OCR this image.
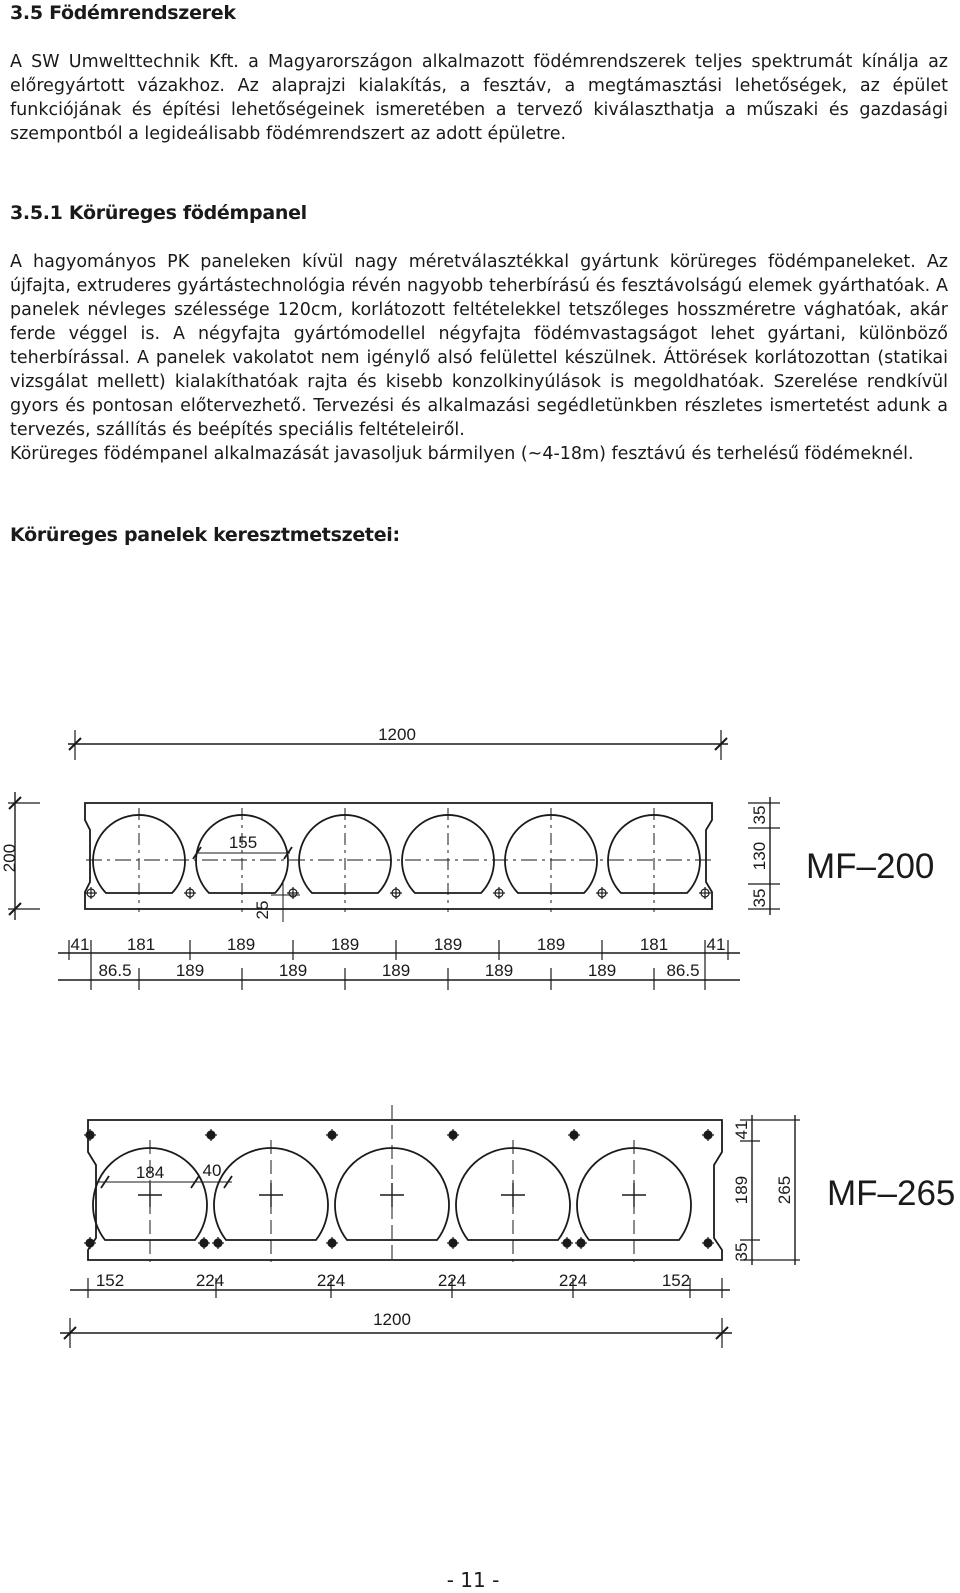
3.5 Födémrendszerek

A SW Umwelttechnik Kft. a Magyarországon alkalmazott födémrendszerek teljes spektrumát kínálja az előregyártott vázakhoz. Az alaprajzi kialakítás, a fesztáv, a megtámasztási lehetőségek, az épület funkciójának és építési lehetőségeinek ismeretében a tervező kiválaszthatja a műszaki és gazdasági szempontból a legideálisabb födémrendszert az adott épületre.

3.5.1 Körüreges födémpanel
A hagyományos PK paneleken kívül nagy méretválasztékkal gyártunk körüreges födémpaneleket. Az újfajta, extruderes gyártástechnológia révén nagyobb teherbírású és fesztávolságú elemek gyárthatóak. A panelek névleges szélessége 120cm, korlátozott feltételekkel tetszőleges hosszméretre vághatóak, akár ferde véggel is. A négyfajta gyártómodellel négyfajta födémvastagságot lehet gyártani, különböző teherbírással. A panelek vakolatot nem igénylő alsó felülettel készülnek. Áttörések korlátozottan (statikai vizsgálat mellett) kialakíthatóak rajta és kisebb konzolkinyúlások is megoldhatóak. Szerelése rendkívül gyors és pontosan előtervezhető. Tervezési és alkalmazási segédletünkben részletes ismertetést adunk a tervezés, szállítás és beépítés speciális feltételeiről.
Körüreges födémpanel alkalmazását javasoljuk bármilyen (~4-18m) fesztávú és terhelésű födémeknél.
Körüreges panelek keresztmetszetei:
1200
200
155
25
35
130
35
MF–200
41 181	189	189	189	189	181 41
86.5	189	189	189	189	189	86.5
184 40
41
189
35
265 MF–265
152	224	224	224	224	152
1200
- 11 -
